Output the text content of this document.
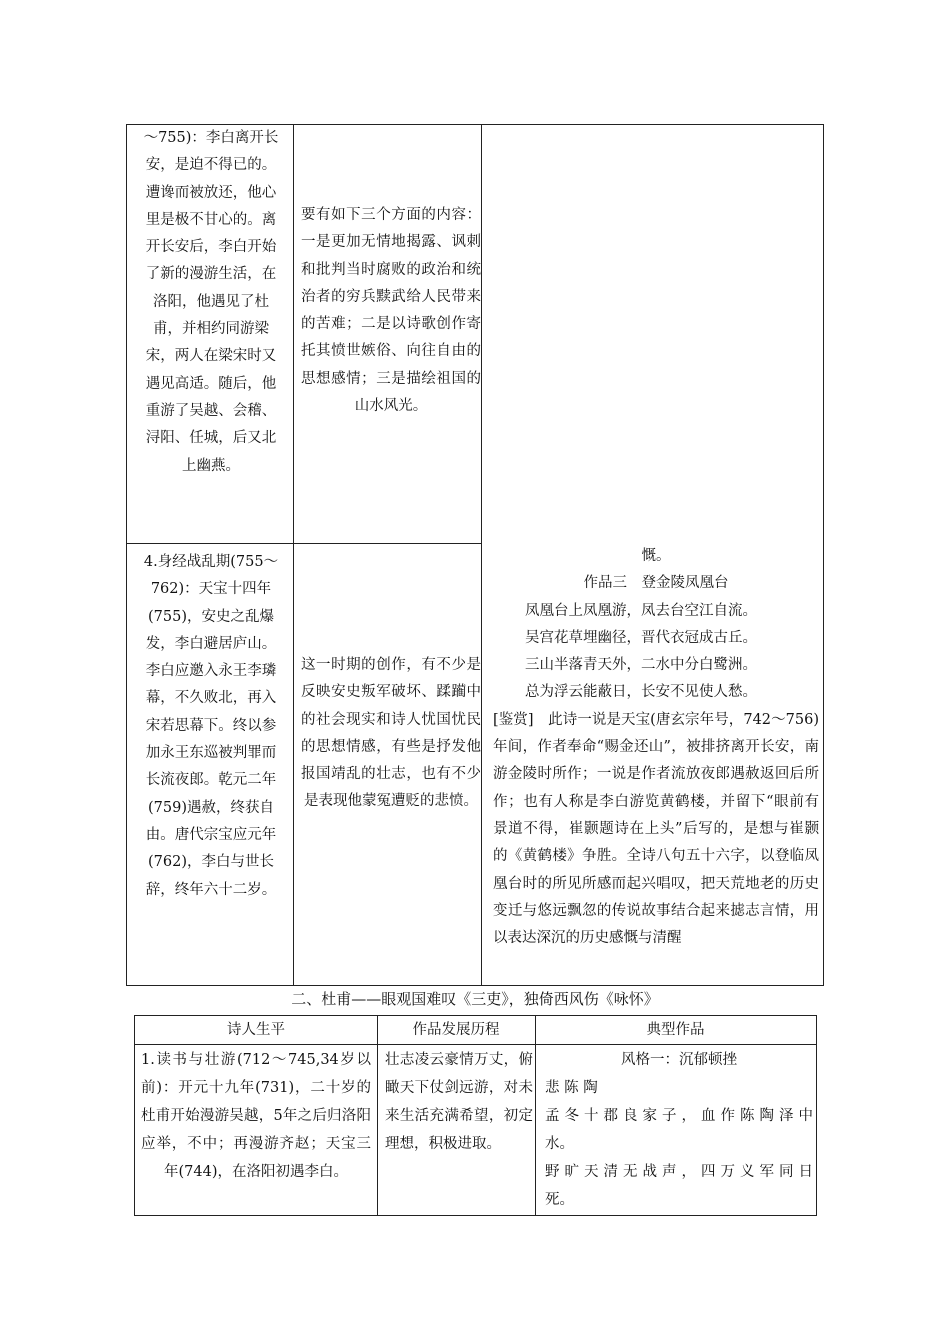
～755)：李白离开长安，是迫不得已的。遭谗而被放还，他心里是极不甘心的。离开长安后，李白开始了新的漫游生活，在洛阳，他遇见了杜甫，并相约同游梁宋，两人在梁宋时又遇见高适。随后，他重游了吴越、会稽、浔阳、任城，后又北上幽燕。
要有如下三个方面的内容：一是更加无情地揭露、讽刺和批判当时腐败的政治和统治者的穷兵黩武给人民带来的苦难；二是以诗歌创作寄托其愤世嫉俗、向往自由的思想感情；三是描绘祖国的山水风光。
4.身经战乱期(755～762)：天宝十四年(755)，安史之乱爆发，李白避居庐山。李白应邀入永王李璘幕，不久败北，再入宋若思幕下。终以参加永王东巡被判罪而长流夜郎。乾元二年(759)遇赦，终获自由。唐代宗宝应元年(762)，李白与世长辞，终年六十二岁。
这一时期的创作，有不少是反映安史叛军破坏、蹂躏中的社会现实和诗人忧国忧民的思想情感，有些是抒发他报国靖乱的壮志，也有不少是表现他蒙冤遭贬的悲愤。
慨。
作品三　登金陵凤凰台
凤凰台上凤凰游，凤去台空江自流。
吴宫花草埋幽径，晋代衣冠成古丘。
三山半落青天外，二水中分白鹭洲。
总为浮云能蔽日，长安不见使人愁。
[鉴赏]　此诗一说是天宝(唐玄宗年号，742～756)年间，作者奉命“赐金还山”，被排挤离开长安，南游金陵时所作；一说是作者流放夜郎遇赦返回后所作；也有人称是李白游览黄鹤楼，并留下“眼前有景道不得，崔颢题诗在上头”后写的，是想与崔颢的《黄鹤楼》争胜。全诗八句五十六字，以登临凤凰台时的所见所感而起兴唱叹，把天荒地老的历史变迁与悠远飘忽的传说故事结合起来摅志言情，用以表达深沉的历史感慨与清醒
二、杜甫——眼观国难叹《三吏》，独倚西风伤《咏怀》
诗人生平	作品发展历程	典型作品
1.读书与壮游(712～745,34岁以前)：开元十九年(731)，二十岁的杜甫开始漫游吴越，5年之后归洛阳应举，不中；再漫游齐赵；天宝三年(744)，在洛阳初遇李白。
壮志凌云豪情万丈，俯瞰天下仗剑远游，对未来生活充满希望，初定理想，积极进取。
风格一：沉郁顿挫
悲 陈 陶
孟冬十郡良家子，血作陈陶泽中
水。
野旷天清无战声，四万义军同日
死。
